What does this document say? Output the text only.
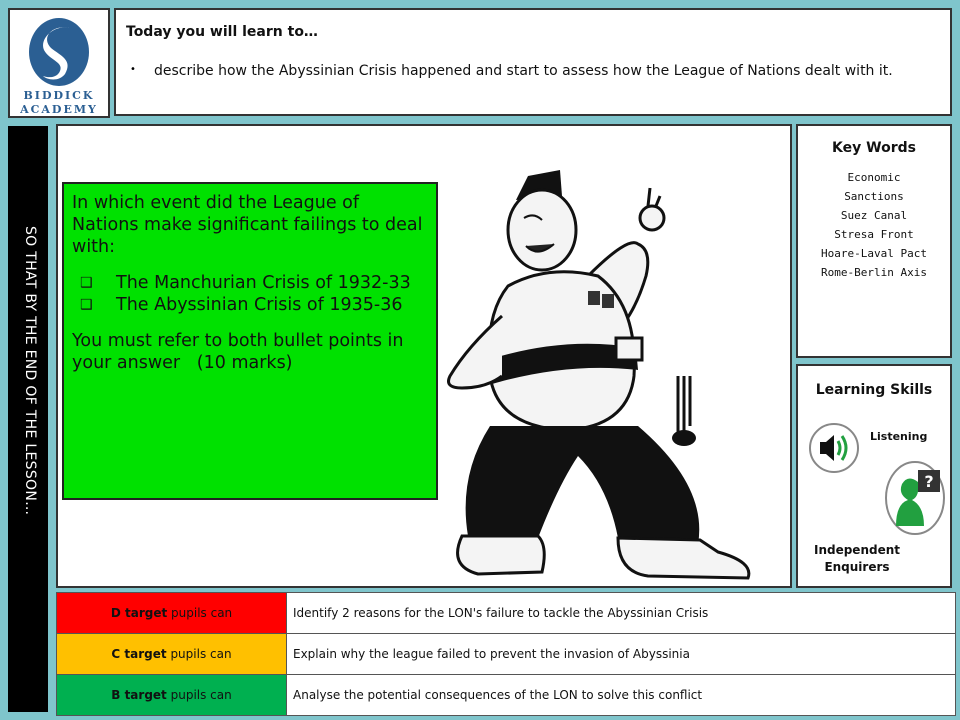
BIDDICK
ACADEMY
Today you will learn to…
•	describe how the Abyssinian Crisis happened and start to assess how the League of Nations dealt with it.
SO THAT BY THE END OF THE LESSON…
In which event did the League of Nations make significant failings to deal with:
❑	The Manchurian Crisis of 1932-33
❑	The Abyssinian Crisis of 1935-36
You must refer to both bullet points in your answer   (10 marks)
Key Words
Economic
Sanctions
Suez Canal
Stresa Front
Hoare-Laval Pact
Rome-Berlin Axis
Learning Skills
Listening
?
Independent
Enquirers
D target pupils can	Identify 2 reasons for the LON's failure to tackle the Abyssinian Crisis
C target pupils can	Explain why the league failed to prevent the invasion of Abyssinia
B target pupils can	Analyse the potential consequences of the LON to solve this conflict
